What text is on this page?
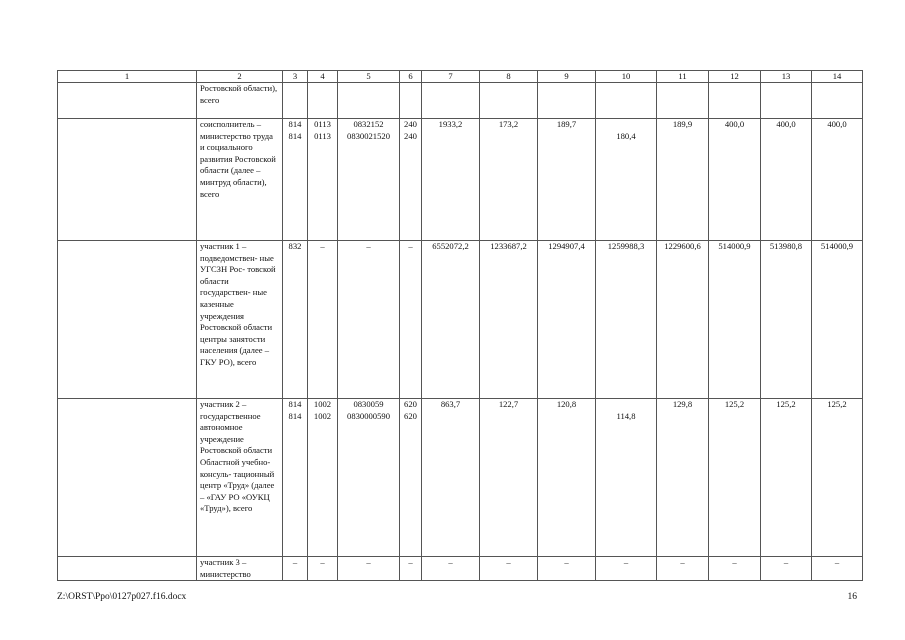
1	2	3	4	5	6	7	8	9	10	11	12	13	14
	Ростовской области), всего												
	соисполнитель – министерство труда и социального развития Ростовской области (далее – минтруд области), всего	814 814	0113 0113	0832152 0830021520	240 240	1933,2	173,2	189,7	180,4	189,9	400,0	400,0	400,0
	участник 1 – подведомствен- ные УГСЗН Рос- товской области государствен- ные казенные учреждения Ростовской области центры занятости населения (далее – ГКУ РО), всего	832	–	–	–	6552072,2	1233687,2	1294907,4	1259988,3	1229600,6	514000,9	513980,8	514000,9
	участник 2 – государственное автономное учреждение Ростовской области Областной учебно-консуль- тационный центр «Труд» (далее – «ГАУ РО «ОУКЦ «Труд»), всего	814 814	1002 1002	0830059 0830000590	620 620	863,7	122,7	120,8	114,8	129,8	125,2	125,2	125,2
	участник 3 – министерство	–	–	–	–	–	–	–	–	–	–	–	–
Z:\ORST\Ppo\0127p027.f16.docx	16
